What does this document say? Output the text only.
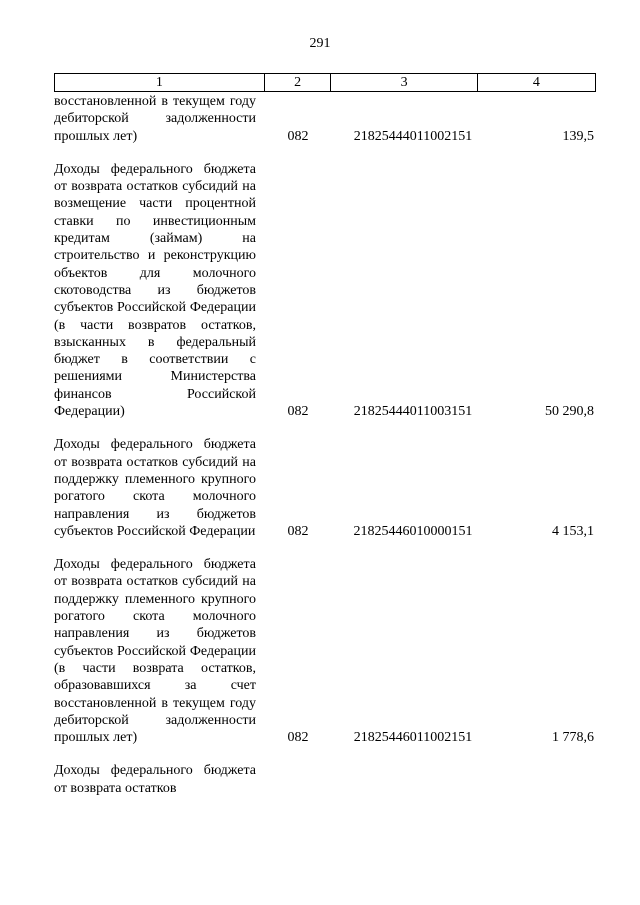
291
1	2	3	4
восстановленной в текущем году дебиторской задолженности прошлых лет)	082	21825444011002151	139,5
Доходы федерального бюджета от возврата остатков субсидий на возмещение части процентной ставки по инвестиционным кредитам (займам) на строительство и реконструкцию объектов для молочного скотоводства из бюджетов субъектов Российской Федерации (в части возвратов остатков, взысканных в федеральный бюджет в соответствии с решениями Министерства финансов Российской Федерации)	082	21825444011003151	50 290,8
Доходы федерального бюджета от возврата остатков субсидий на поддержку племенного крупного рогатого скота молочного направления из бюджетов субъектов Российской Федерации	082	21825446010000151	4 153,1
Доходы федерального бюджета от возврата остатков субсидий на поддержку племенного крупного рогатого скота молочного направления из бюджетов субъектов Российской Федерации (в части возврата остатков, образовавшихся за счет восстановленной в текущем году дебиторской задолженности прошлых лет)	082	21825446011002151	1 778,6
Доходы федерального бюджета от возврата остатков
